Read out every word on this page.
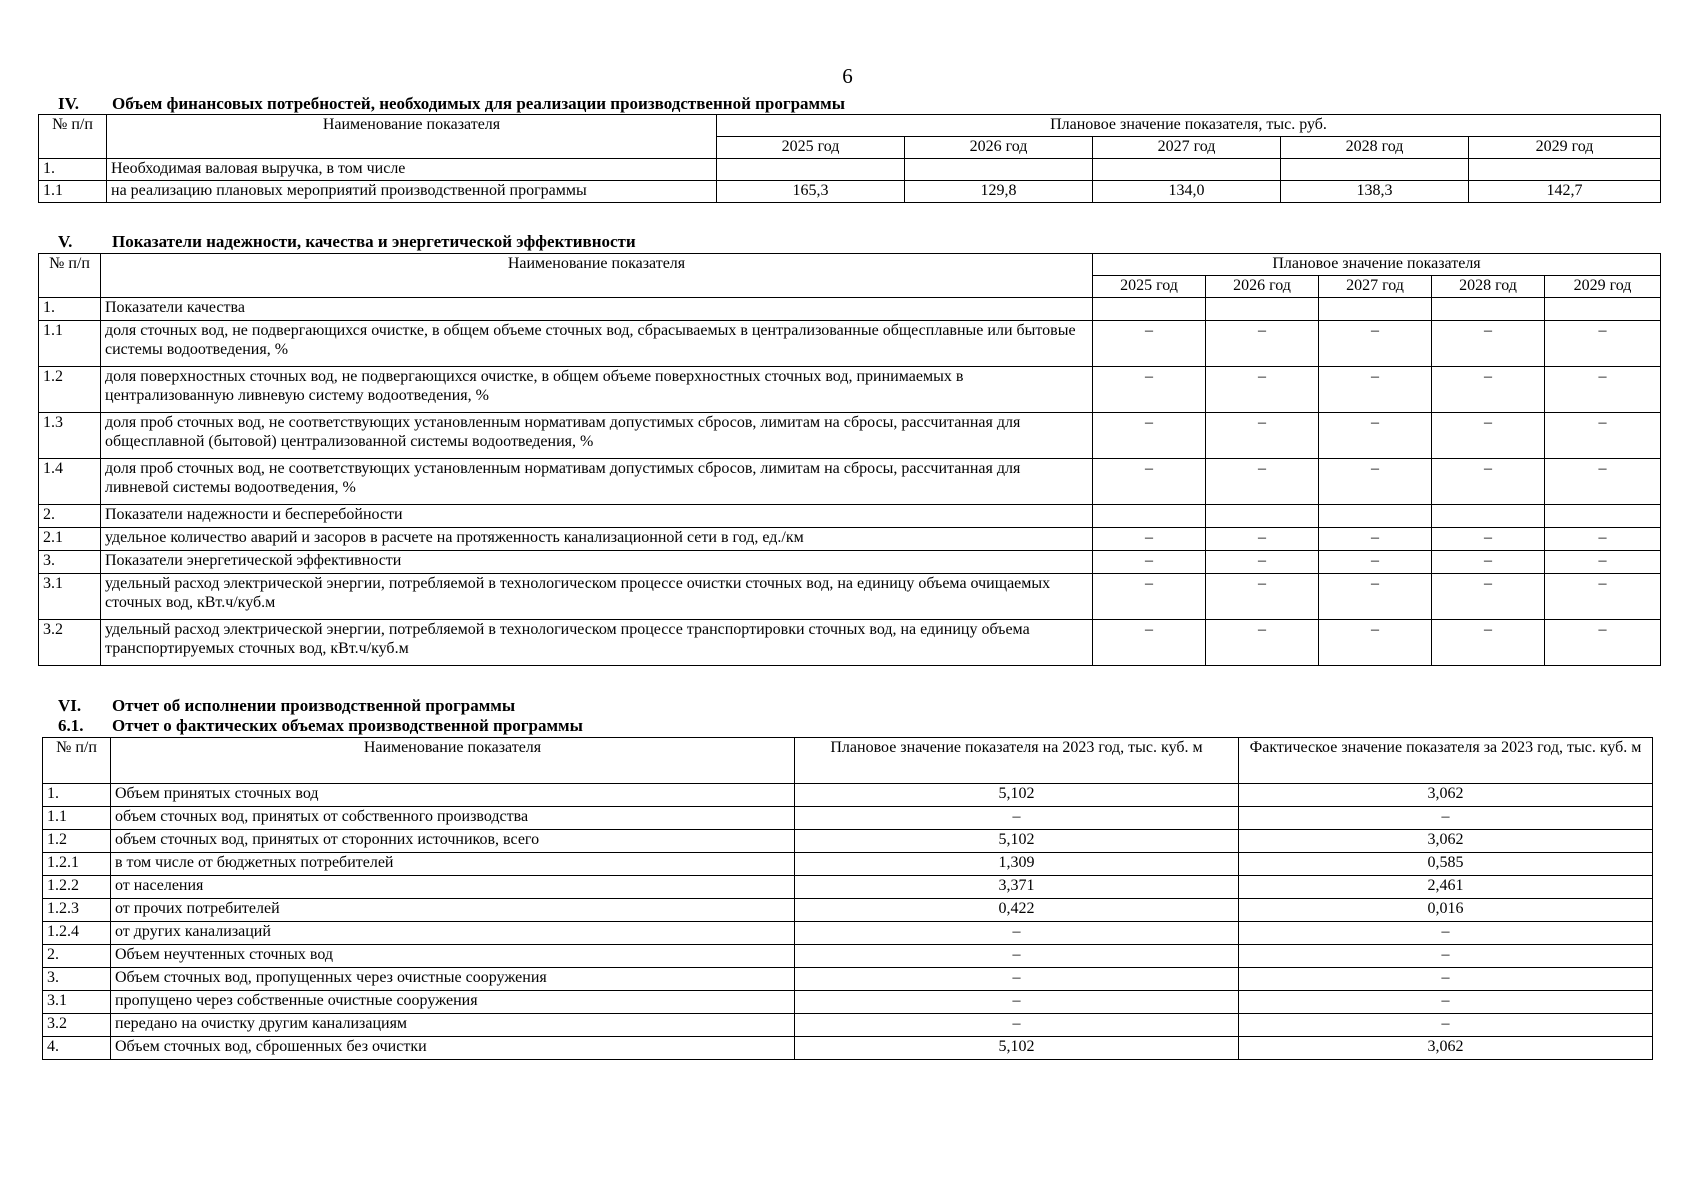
6
IV. Объем финансовых потребностей, необходимых для реализации производственной программы
№ п/п	Наименование показателя	Плановое значение показателя, тыс. руб.				
		2025 год	2026 год	2027 год	2028 год	2029 год
1.	Необходимая валовая выручка, в том числе					
1.1	на реализацию плановых мероприятий производственной программы	165,3	129,8	134,0	138,3	142,7
V. Показатели надежности, качества и энергетической эффективности
№ п/п	Наименование показателя	Плановое значение показателя				
		2025 год	2026 год	2027 год	2028 год	2029 год
1.	Показатели качества					
1.1	доля сточных вод, не подвергающихся очистке, в общем объеме сточных вод, сбрасываемых в централизованные общесплавные или бытовые системы водоотведения, %	–	–	–	–	–
1.2	доля поверхностных сточных вод, не подвергающихся очистке, в общем объеме поверхностных сточных вод, принимаемых в централизованную ливневую систему водоотведения, %	–	–	–	–	–
1.3	доля проб сточных вод, не соответствующих установленным нормативам допустимых сбросов, лимитам на сбросы, рассчитанная для общесплавной (бытовой) централизованной системы водоотведения, %	–	–	–	–	–
1.4	доля проб сточных вод, не соответствующих установленным нормативам допустимых сбросов, лимитам на сбросы, рассчитанная для ливневой системы водоотведения, %	–	–	–	–	–
2.	Показатели надежности и бесперебойности					
2.1	удельное количество аварий и засоров в расчете на протяженность канализационной сети в год, ед./км	–	–	–	–	–
3.	Показатели энергетической эффективности	–	–	–	–	–
3.1	удельный расход электрической энергии, потребляемой в технологическом процессе очистки сточных вод, на единицу объема очищаемых сточных вод, кВт.ч/куб.м	–	–	–	–	–
3.2	удельный расход электрической энергии, потребляемой в технологическом процессе транспортировки сточных вод, на единицу объема транспортируемых сточных вод, кВт.ч/куб.м	–	–	–	–	–
VI. Отчет об исполнении производственной программы
6.1. Отчет о фактических объемах производственной программы
№ п/п	Наименование показателя	Плановое значение показателя на 2023 год, тыс. куб. м	Фактическое значение показателя за 2023 год, тыс. куб. м
1.	Объем принятых сточных вод	5,102	3,062
1.1	объем сточных вод, принятых от собственного производства	–	–
1.2	объем сточных вод, принятых от сторонних источников, всего	5,102	3,062
1.2.1	в том числе от бюджетных потребителей	1,309	0,585
1.2.2	от населения	3,371	2,461
1.2.3	от прочих потребителей	0,422	0,016
1.2.4	от других канализаций	–	–
2.	Объем неучтенных сточных вод	–	–
3.	Объем сточных вод, пропущенных через очистные сооружения	–	–
3.1	пропущено через собственные очистные сооружения	–	–
3.2	передано на очистку другим канализациям	–	–
4.	Объем сточных вод, сброшенных без очистки	5,102	3,062
